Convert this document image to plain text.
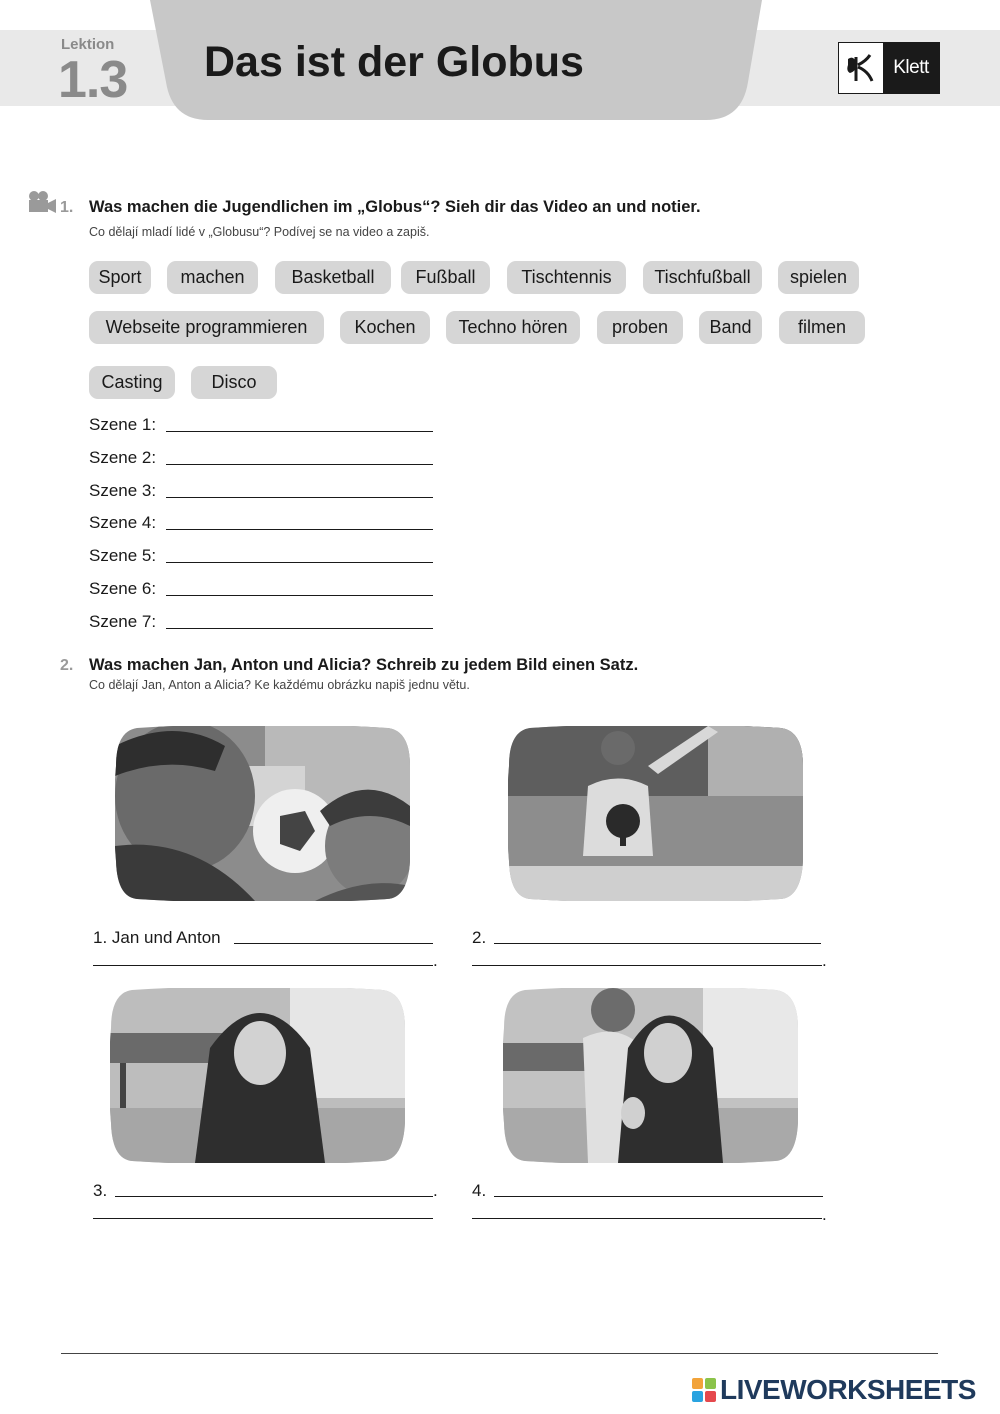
Lektion
1.3 Das ist der Globus	Klett
1. Was machen die Jugendlichen im „Globus“? Sieh dir das Video an und notier.
Co dělají mladí lidé v „Globusu“? Podívej se na video a zapiš.
Sport	machen	Basketball	Fußball	Tischtennis	Tischfußball	spielen
Webseite programmieren	Kochen	Techno hören	proben	Band	filmen
Casting	Disco
Szene 1:
Szene 2:
Szene 3:
Szene 4:
Szene 5:
Szene 6:
Szene 7:
2. Was machen Jan, Anton und Alicia? Schreib zu jedem Bild einen Satz.
Co dělají Jan, Anton a Alicia? Ke každému obrázku napiš jednu větu.
1. Jan und Anton
.
2.
.
3.	. 4.
.
LIVEWORKSHEETS
